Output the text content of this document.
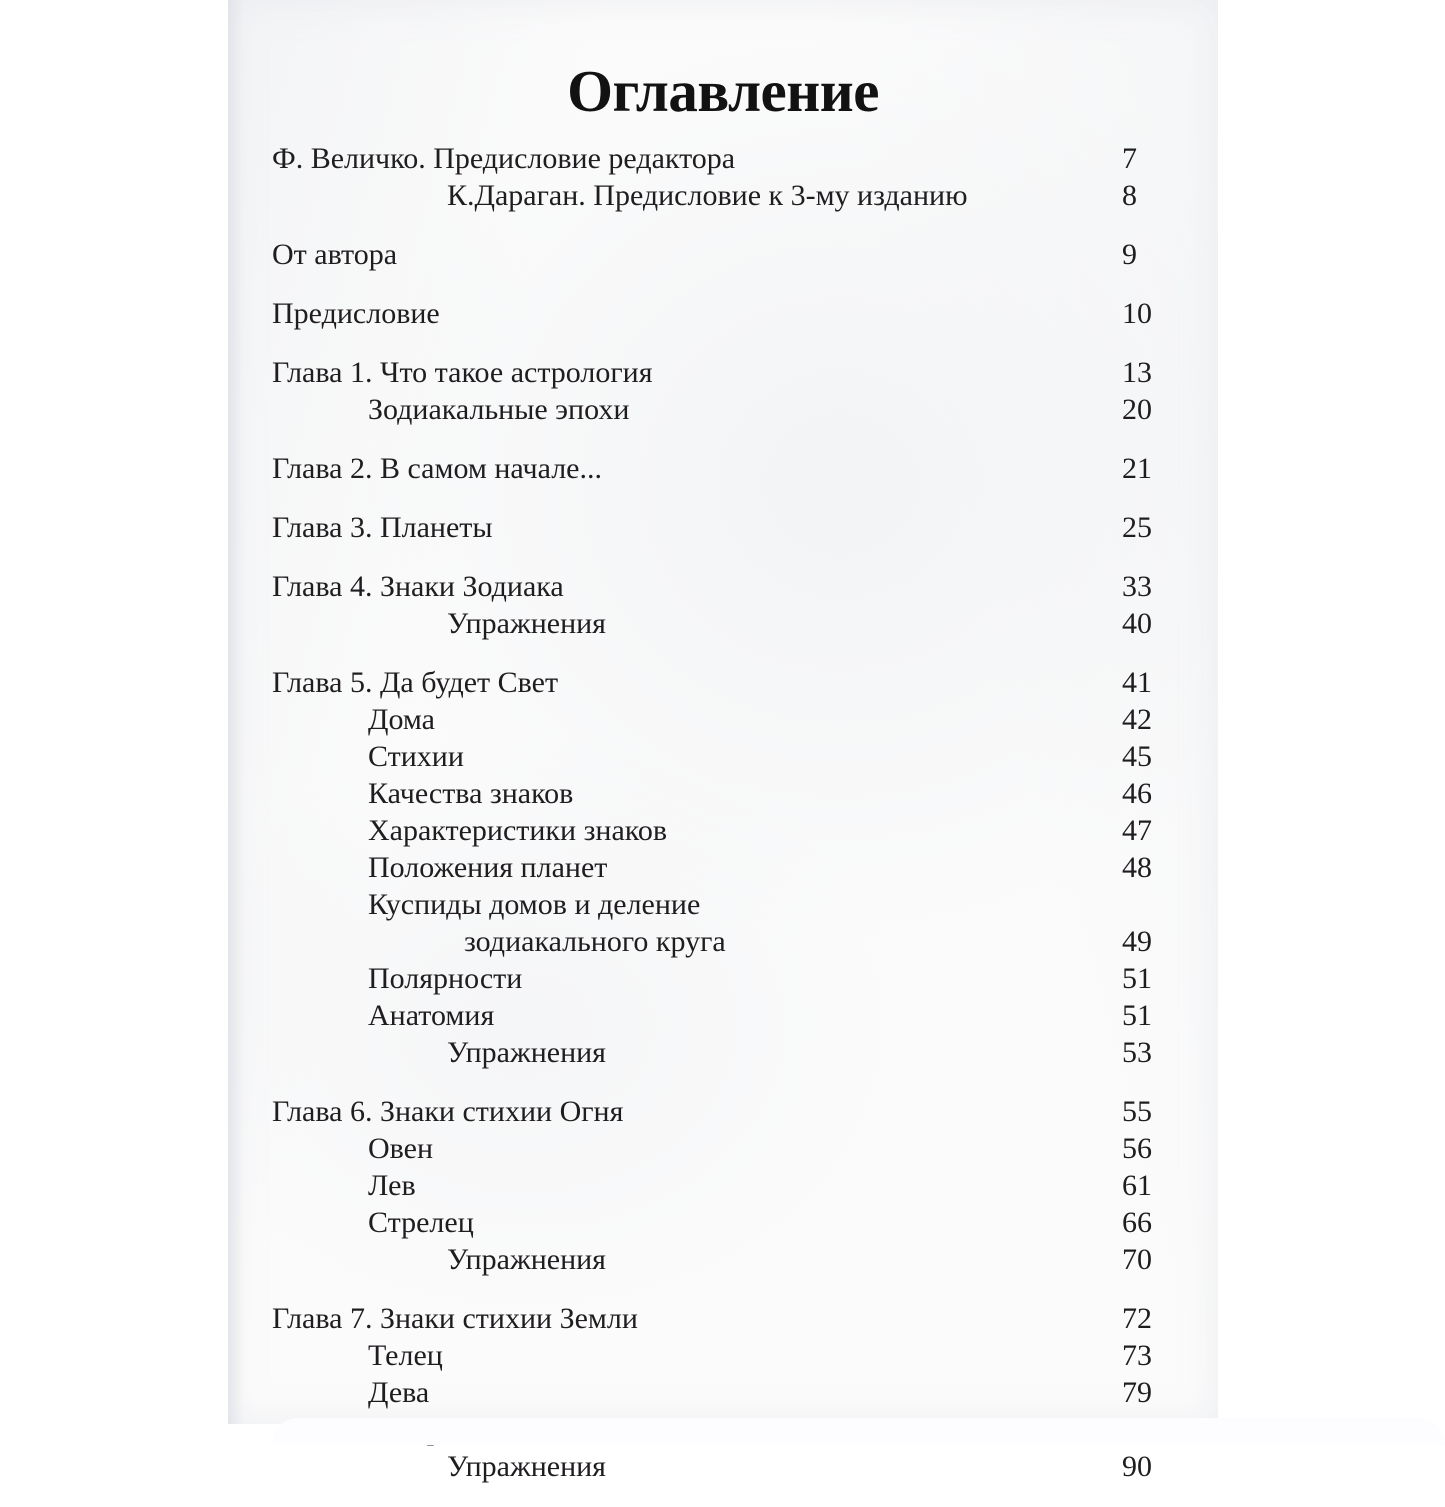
Оглавление
Ф. Величко. Предисловие редактора	7
К.Дараган. Предисловие к 3-му изданию	8
От автора	9
Предисловие	10
Глава 1. Что такое астрология	13
Зодиакальные эпохи	20
Глава 2. В самом начале...	21
Глава 3. Планеты	25
Глава 4. Знаки Зодиака	33
Упражнения	40
Глава 5. Да будет Свет	41
Дома	42
Стихии	45
Качества знаков	46
Характеристики знаков	47
Положения планет	48
Куспиды домов и деление
зодиакального круга	49
Полярности	51
Анатомия	51
Упражнения	53
Глава 6. Знаки стихии Огня	55
Овен	56
Лев	61
Стрелец	66
Упражнения	70
Глава 7. Знаки стихии Земли	72
Телец	73
Дева	79
Упражнения	90
